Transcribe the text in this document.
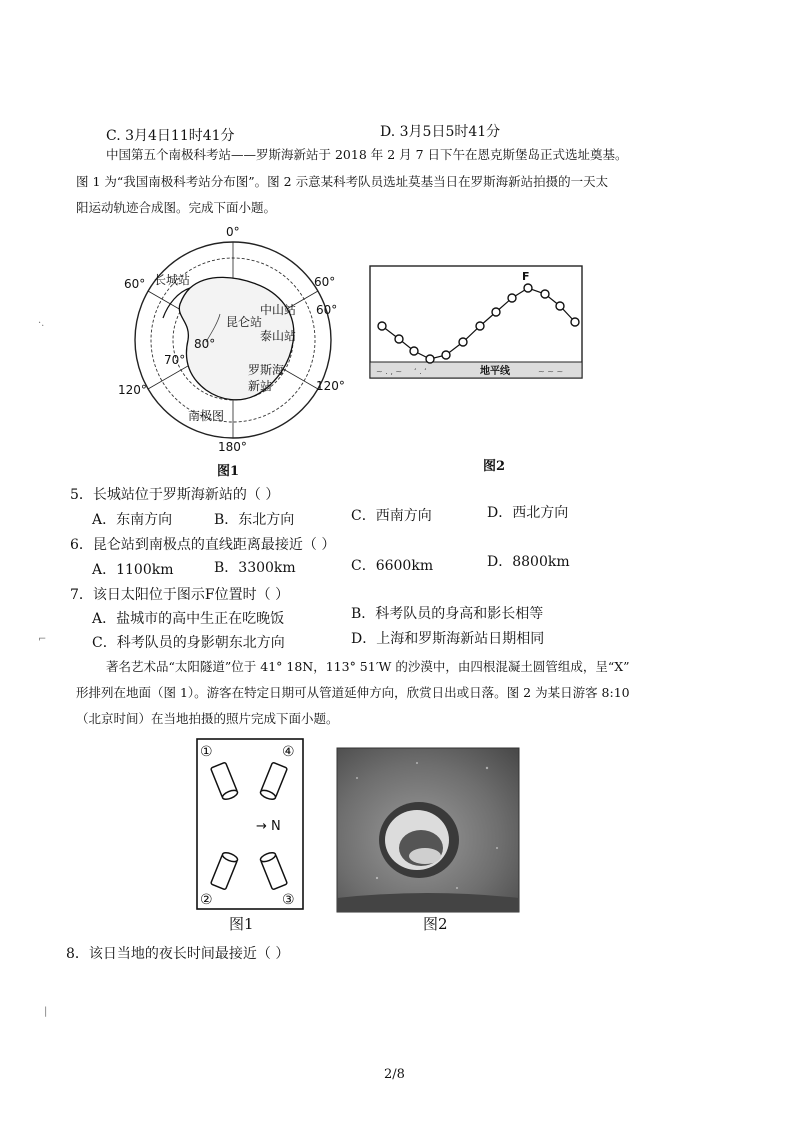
C. 3月4日11时41分	D. 3月5日5时41分
中国第五个南极科考站——罗斯海新站于 2018 年 2 月 7 日下午在恩克斯堡岛正式选址奠基。
图 1 为“我国南极科考站分布图”。图 2 示意某科考队员选址莫基当日在罗斯海新站拍摄的一天太
阳运动轨迹合成图。完成下面小题。
·.
⌐
|
0°
180°
60°	60°
60°
120°	120°
80°
70°
长城站
中山站
昆仑站
泰山站
罗斯海
新站
南极图
图1
~ . , ~ ʻ . ʻ	~ ~ ~
地平线
F
图2
5．长城站位于罗斯海新站的（ ）
A．东南方向	B．东北方向	C．西南方向	D．西北方向
6．昆仑站到南极点的直线距离最接近（ ）
A．1100km	B．3300km	C．6600km	D．8800km
7．该日太阳位于图示F位置时（ ）
A．盐城市的高中生正在吃晚饭	B．科考队员的身高和影长相等
C．科考队员的身影朝东北方向	D．上海和罗斯海新站日期相同
著名艺术品“太阳隧道”位于 41° 18N，113° 51′W 的沙漠中，由四根混凝土圆管组成，呈“X”
形排列在地面（图 1）。游客在特定日期可从管道延伸方向，欣赏日出或日落。图 2 为某日游客 8:10
（北京时间）在当地拍摄的照片完成下面小题。
①	④
②	③
→ N
图1	图2
8．该日当地的夜长时间最接近（ ）
2/8
